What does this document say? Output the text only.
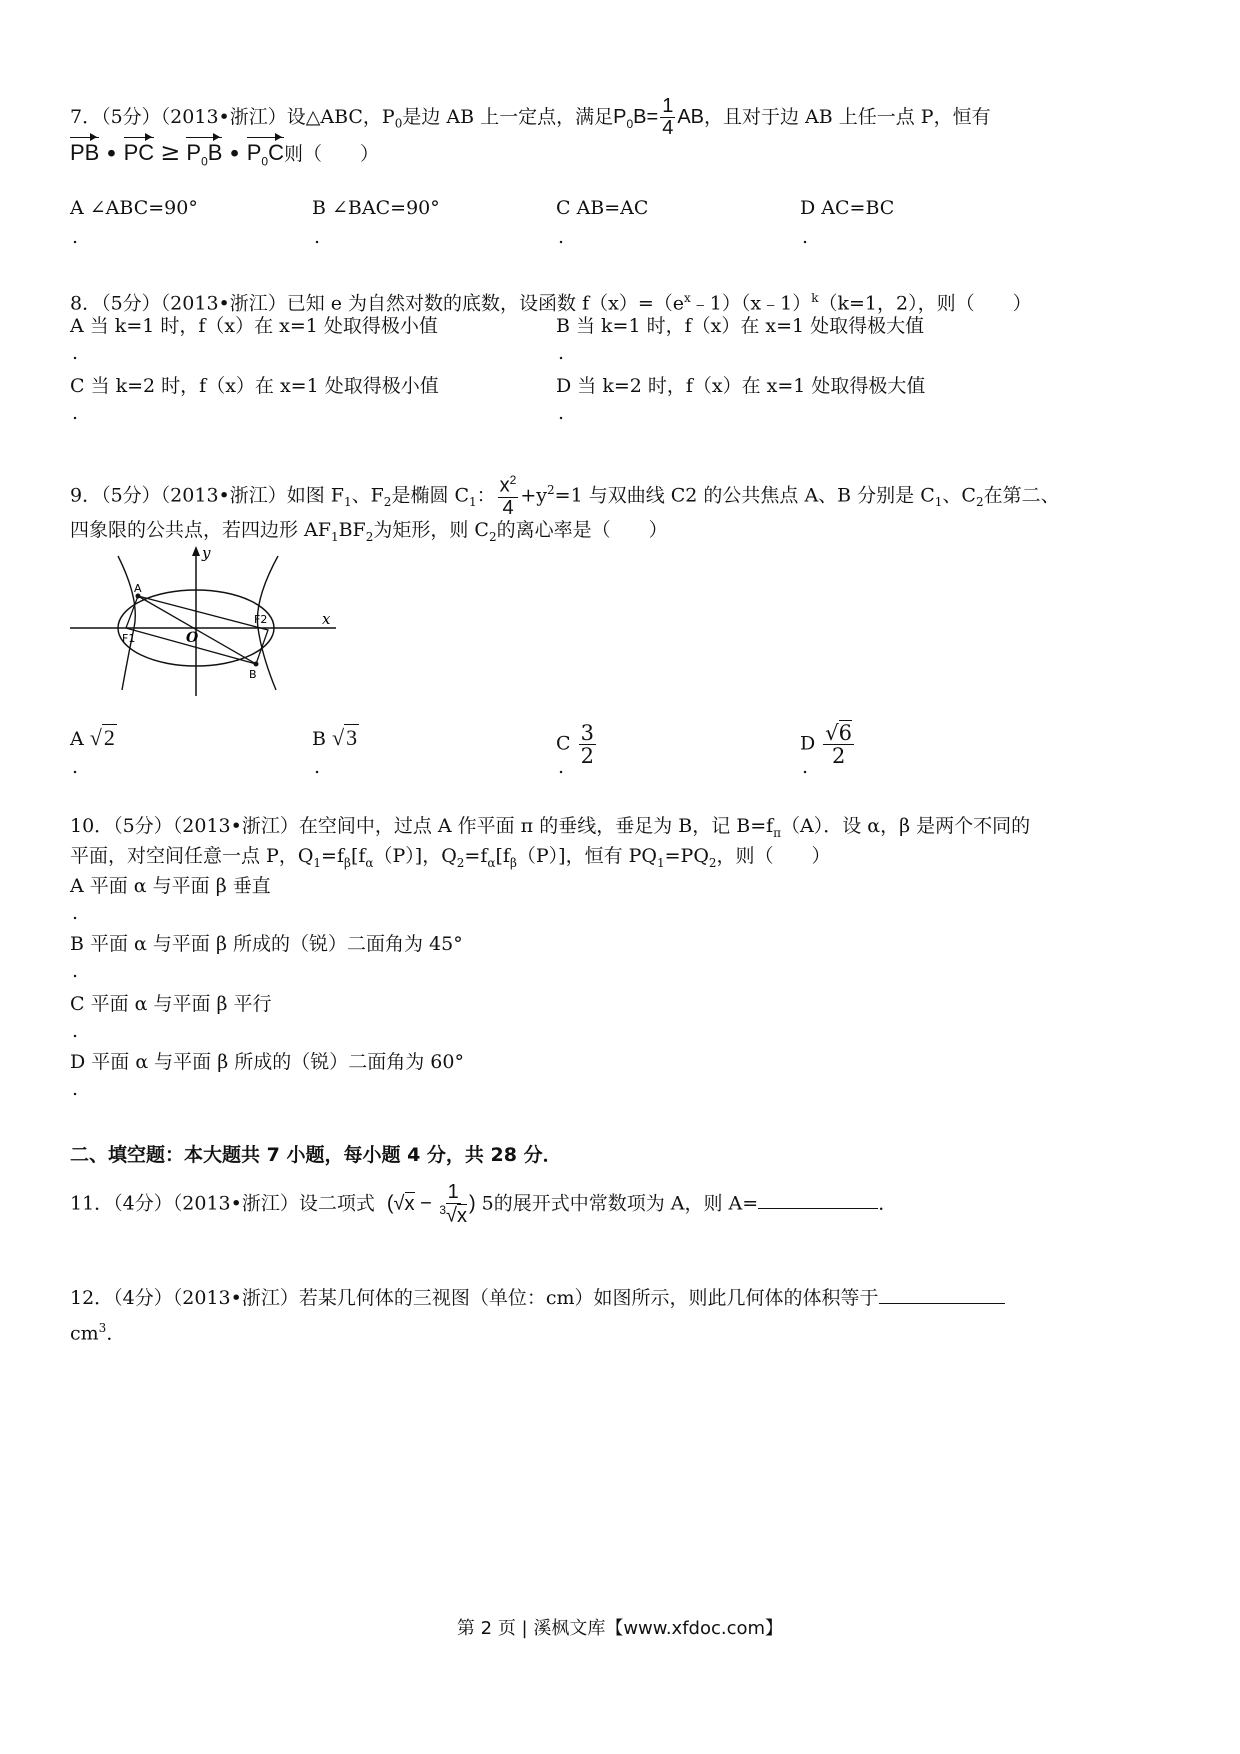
7．（5分）（2013•浙江）设△ABC，$P_0$是边 AB 上一定点，满足$P_0B= \frac{1}{4}$ AB，且对于边 AB 上任一点 P，恒有
PB • PC ≥ $P_0B$ • $P_0C$则（　　）
A ∠ABC=90°	B ∠BAC=90°	C AB=AC	D AC=BC
.	.	.	.
8．（5分）（2013•浙江）已知 e 为自然对数的底数，设函数 $f(x)=(e^x﹣1)(x﹣1)^k(k=1$，2），则（　　）
A 当 k=1 时，f（x）在 x=1 处取得极小值	B 当 k=1 时，f（x）在 x=1 处取得极大值
.	.
C 当 k=2 时，f（x）在 x=1 处取得极小值	D 当 k=2 时，f（x）在 x=1 处取得极大值
.	.
9．（5分）（2013•浙江）如图 $F_1$、$F_2$是椭圆 $C_1$： $\frac{x^2}{4} +y^2=1$ 与双曲线 C2 的公共焦点 A、B 分别是 $C_1$、$C_2$在第二、
四象限的公共点，若四边形 $AF_1BF_2$为矩形，则 $C_2$的离心率是（　　）
y
x
A
B
F1
F2
O
A √2	B √3	C $\frac{3}{2}$	D $\frac{√6}{2}$
.	.	.	.
10．（5分）（2013•浙江）在空间中，过点 A 作平面 π 的垂线，垂足为 B，记 $B=f_\pi(A)$．设 α，β 是两个不同的
平面，对空间任意一点 P，$Q_1=f_\beta[f_\alpha(P)]$，$Q_2=f_\alpha[f_\beta(P)]$，恒有 $PQ_1=PQ_2$，则（　　）
A 平面 α 与平面 β 垂直
.
B 平面 α 与平面 β 所成的（锐）二面角为 45°
.
C 平面 α 与平面 β 平行
.
D 平面 α 与平面 β 所成的（锐）二面角为 60°
.
二、填空题：本大题共 7 小题，每小题 4 分，共 28 分．
11．（4分）（2013•浙江）设二项式 ($√x - \frac{1}{^3√x}$ ) 5的展开式中常数项为 A，则 A=	．
12．（4分）（2013•浙江）若某几何体的三视图（单位：cm）如图所示，则此几何体的体积等于
$cm^3$．
第 2 页 | 溪枫文库【www.xfdoc.com】
